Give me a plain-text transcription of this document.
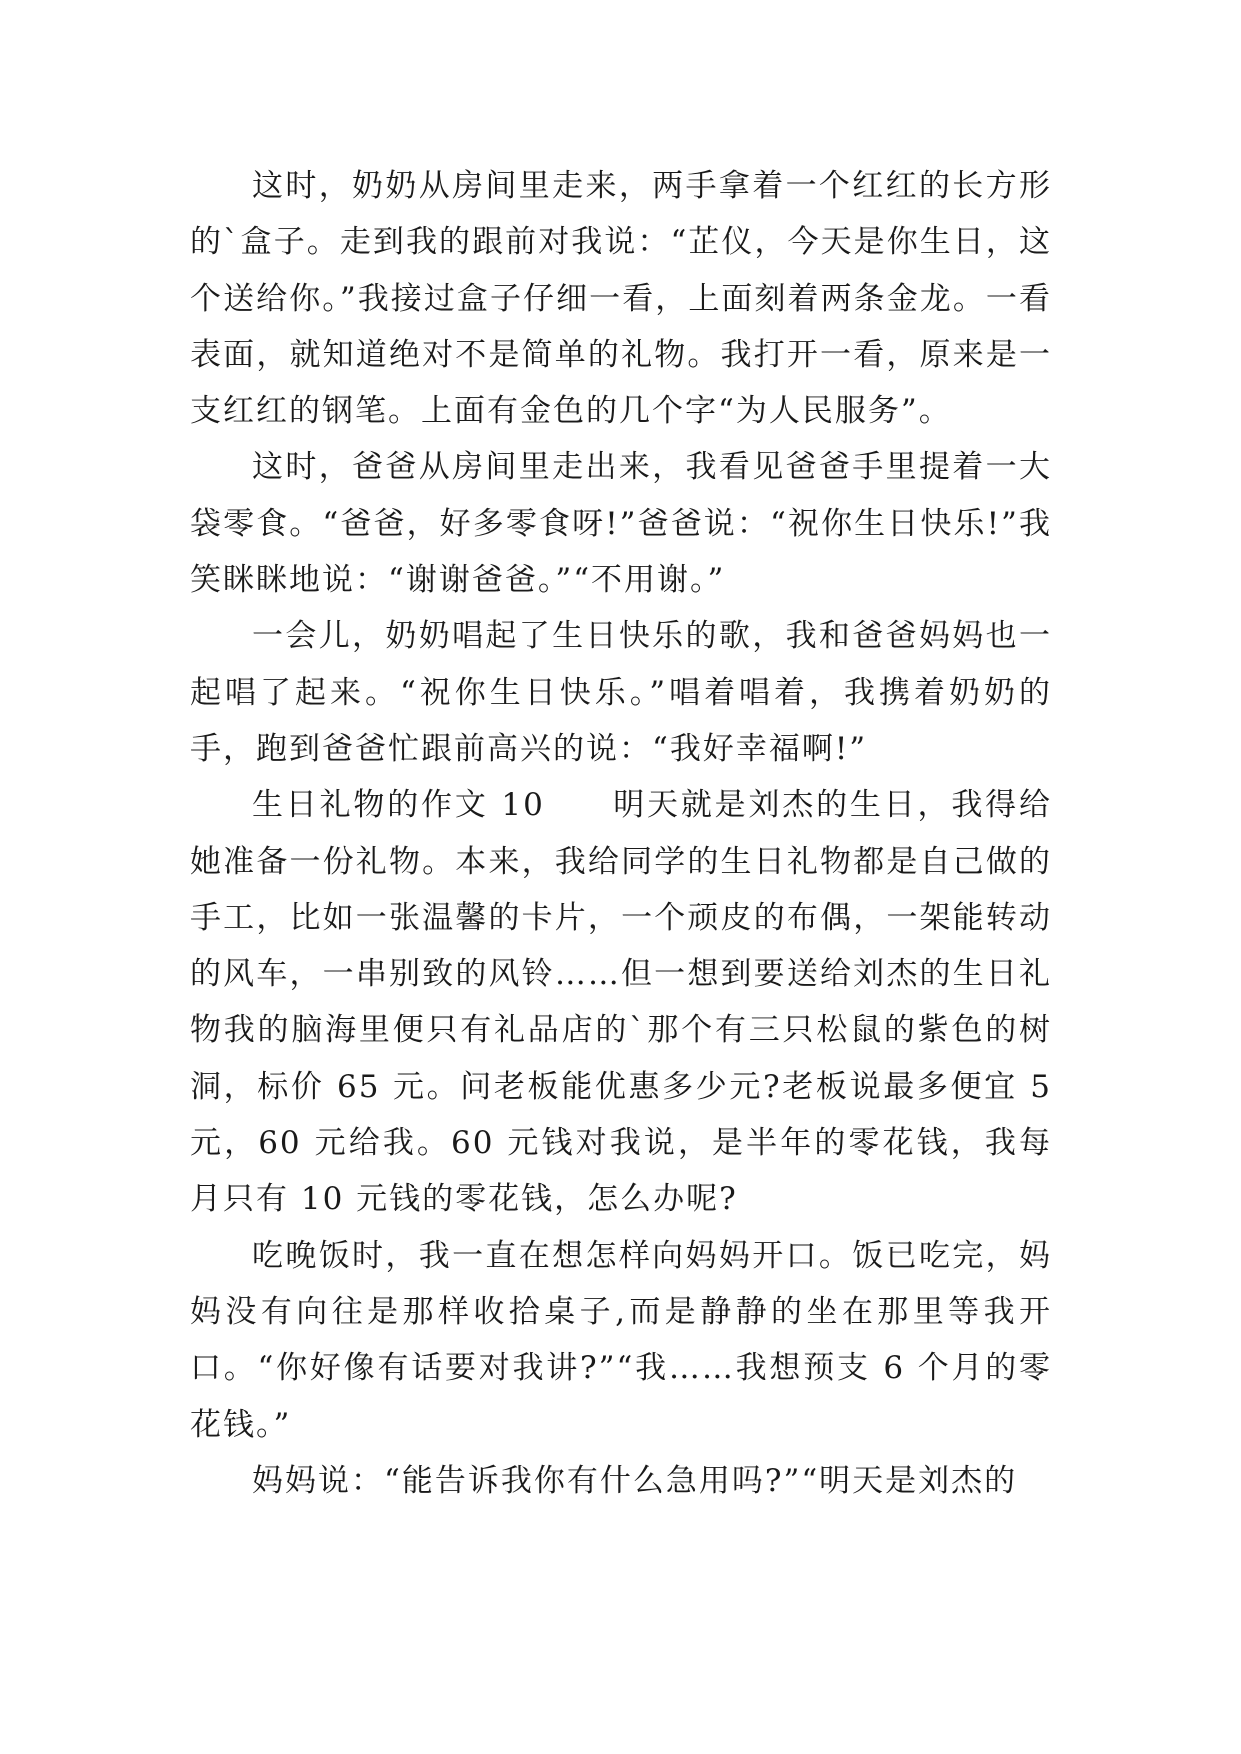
这时，奶奶从房间里走来，两手拿着一个红红的长方形的`盒子。走到我的跟前对我说：“芷仪，今天是你生日，这个送给你。”我接过盒子仔细一看，上面刻着两条金龙。一看表面，就知道绝对不是简单的礼物。我打开一看，原来是一支红红的钢笔。上面有金色的几个字“为人民服务”。

这时，爸爸从房间里走出来，我看见爸爸手里提着一大袋零食。“爸爸，好多零食呀!”爸爸说：“祝你生日快乐!”我笑眯眯地说：“谢谢爸爸。”“不用谢。”

一会儿，奶奶唱起了生日快乐的歌，我和爸爸妈妈也一起唱了起来。“祝你生日快乐。”唱着唱着，我携着奶奶的手，跑到爸爸忙跟前高兴的说：“我好幸福啊!”

生日礼物的作文 10　　明天就是刘杰的生日，我得给她准备一份礼物。本来，我给同学的生日礼物都是自己做的手工，比如一张温馨的卡片，一个顽皮的布偶，一架能转动的风车，一串别致的风铃……但一想到要送给刘杰的生日礼物我的脑海里便只有礼品店的`那个有三只松鼠的紫色的树洞，标价 65 元。问老板能优惠多少元?老板说最多便宜 5 元，60 元给我。60 元钱对我说，是半年的零花钱，我每月只有 10 元钱的零花钱，怎么办呢?

吃晚饭时，我一直在想怎样向妈妈开口。饭已吃完，妈妈没有向往是那样收拾桌子,而是静静的坐在那里等我开口。“你好像有话要对我讲?”“我……我想预支 6 个月的零花钱。”

妈妈说：“能告诉我你有什么急用吗?”“明天是刘杰的
